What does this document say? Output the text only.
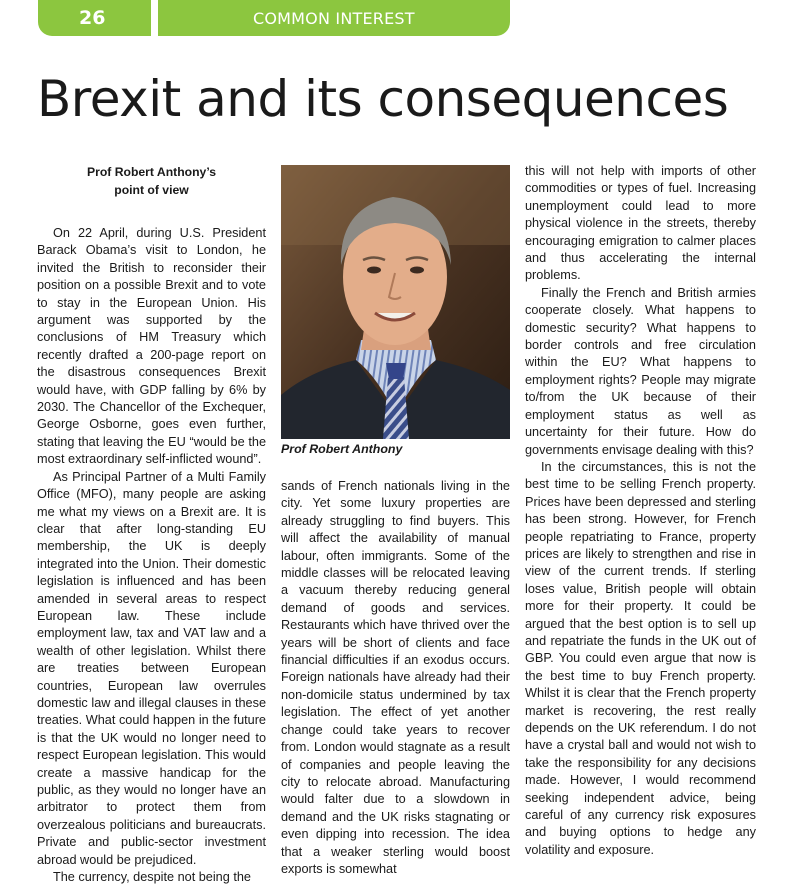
26	COMMON INTEREST
Brexit and its consequences
Prof Robert Anthony’s
point of view

On 22 April, during U.S. President Barack Obama’s visit to London, he invited the British to reconsider their position on a possible Brexit and to vote to stay in the European Union. His argument was supported by the conclusions of HM Treasury which recently drafted a 200-page report on the disastrous consequences Brexit would have, with GDP falling by 6% by 2030. The Chancellor of the Exchequer, George Osborne, goes even further, stating that leaving the EU “would be the most extraordinary self-inflicted wound”.

As Principal Partner of a Multi Family Office (MFO), many people are asking me what my views on a Brexit are. It is clear that after long-standing EU membership, the UK is deeply integrated into the Union. Their domestic legislation is influenced and has been amended in several areas to respect European law. These include employment law, tax and VAT law and a wealth of other legislation. Whilst there are treaties between European countries, European law overrules domestic law and illegal clauses in these treaties. What could happen in the future is that the UK would no longer need to respect European legislation. This would create a massive handicap for the public, as they would no longer have an arbitrator to protect them from overzealous politicians and bureaucrats. Private and public-sector investment abroad would be prejudiced.

The currency, despite not being the

Prof Robert Anthony

sands of French nationals living in the city. Yet some luxury properties are already struggling to find buyers. This will affect the availability of manual labour, often immigrants. Some of the middle classes will be relocated leaving a vacuum thereby reducing general demand of goods and services. Restaurants which have thrived over the years will be short of clients and face financial difficulties if an exodus occurs. Foreign nationals have already had their non-domicile status undermined by tax legislation. The effect of yet another change could take years to recover from. London would stagnate as a result of companies and people leaving the city to relocate abroad. Manufacturing would falter due to a slowdown in demand and the UK risks stagnating or even dipping into recession. The idea that a weaker sterling would boost exports is somewhat

this will not help with imports of other commodities or types of fuel. Increasing unemployment could lead to more physical violence in the streets, thereby encouraging emigration to calmer places and thus accelerating the internal problems.

Finally the French and British armies cooperate closely. What happens to domestic security? What happens to border controls and free circulation within the EU? What happens to employment rights? People may migrate to/from the UK because of their employment status as well as uncertainty for their future. How do governments envisage dealing with this?

In the circumstances, this is not the best time to be selling French property. Prices have been depressed and sterling has been strong. However, for French people repatriating to France, property prices are likely to strengthen and rise in view of the current trends. If sterling loses value, British people will obtain more for their property. It could be argued that the best option is to sell up and repatriate the funds in the UK out of GBP. You could even argue that now is the best time to buy French property. Whilst it is clear that the French property market is recovering, the rest really depends on the UK referendum. I do not have a crystal ball and would not wish to take the responsibility for any decisions made. However, I would recommend seeking independent advice, being careful of any currency risk exposures and buying options to hedge any volatility and exposure.
